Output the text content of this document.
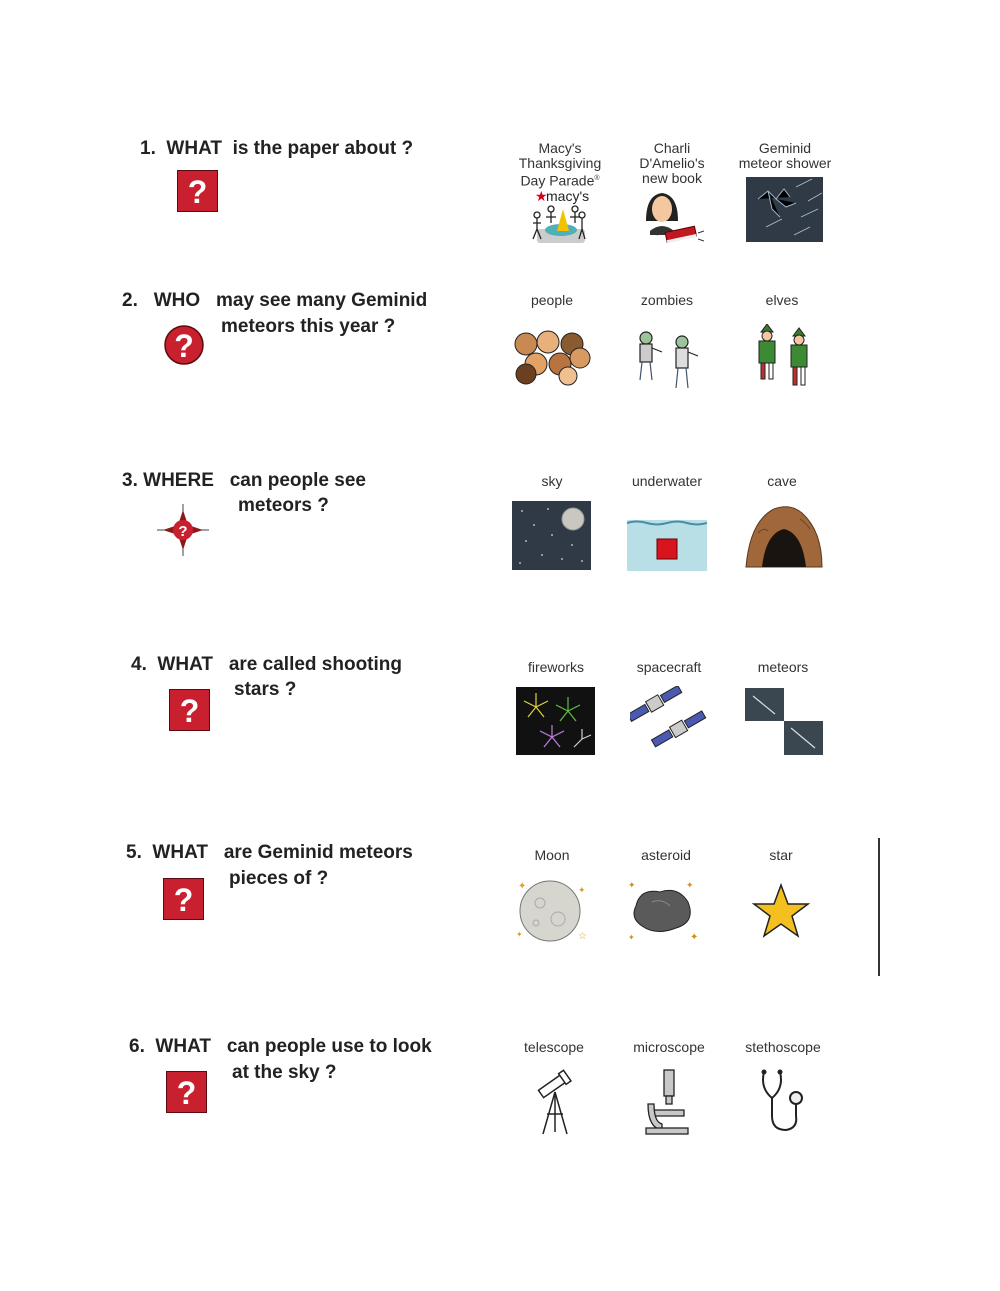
1. WHAT is the paper about ?
?
Macy's
Thanksgiving
Day Parade®
★
macy's
Charli
D'Amelio's
new book
Geminid
meteor shower
2. WHO may see many Geminid
meteors this year ?
?
people	zombies	elves
3. WHERE can people see
meteors ?
?
sky	underwater	cave
4. WHAT are called shooting
stars ?
?
fireworks	spacecraft	meteors
5. WHAT are Geminid meteors
pieces of ?
?
Moon
✦	✦
☆
✦
asteroid
✦	✦
✦
✦
star
6. WHAT can people use to look
at the sky ?
?
telescope	microscope	stethoscope
